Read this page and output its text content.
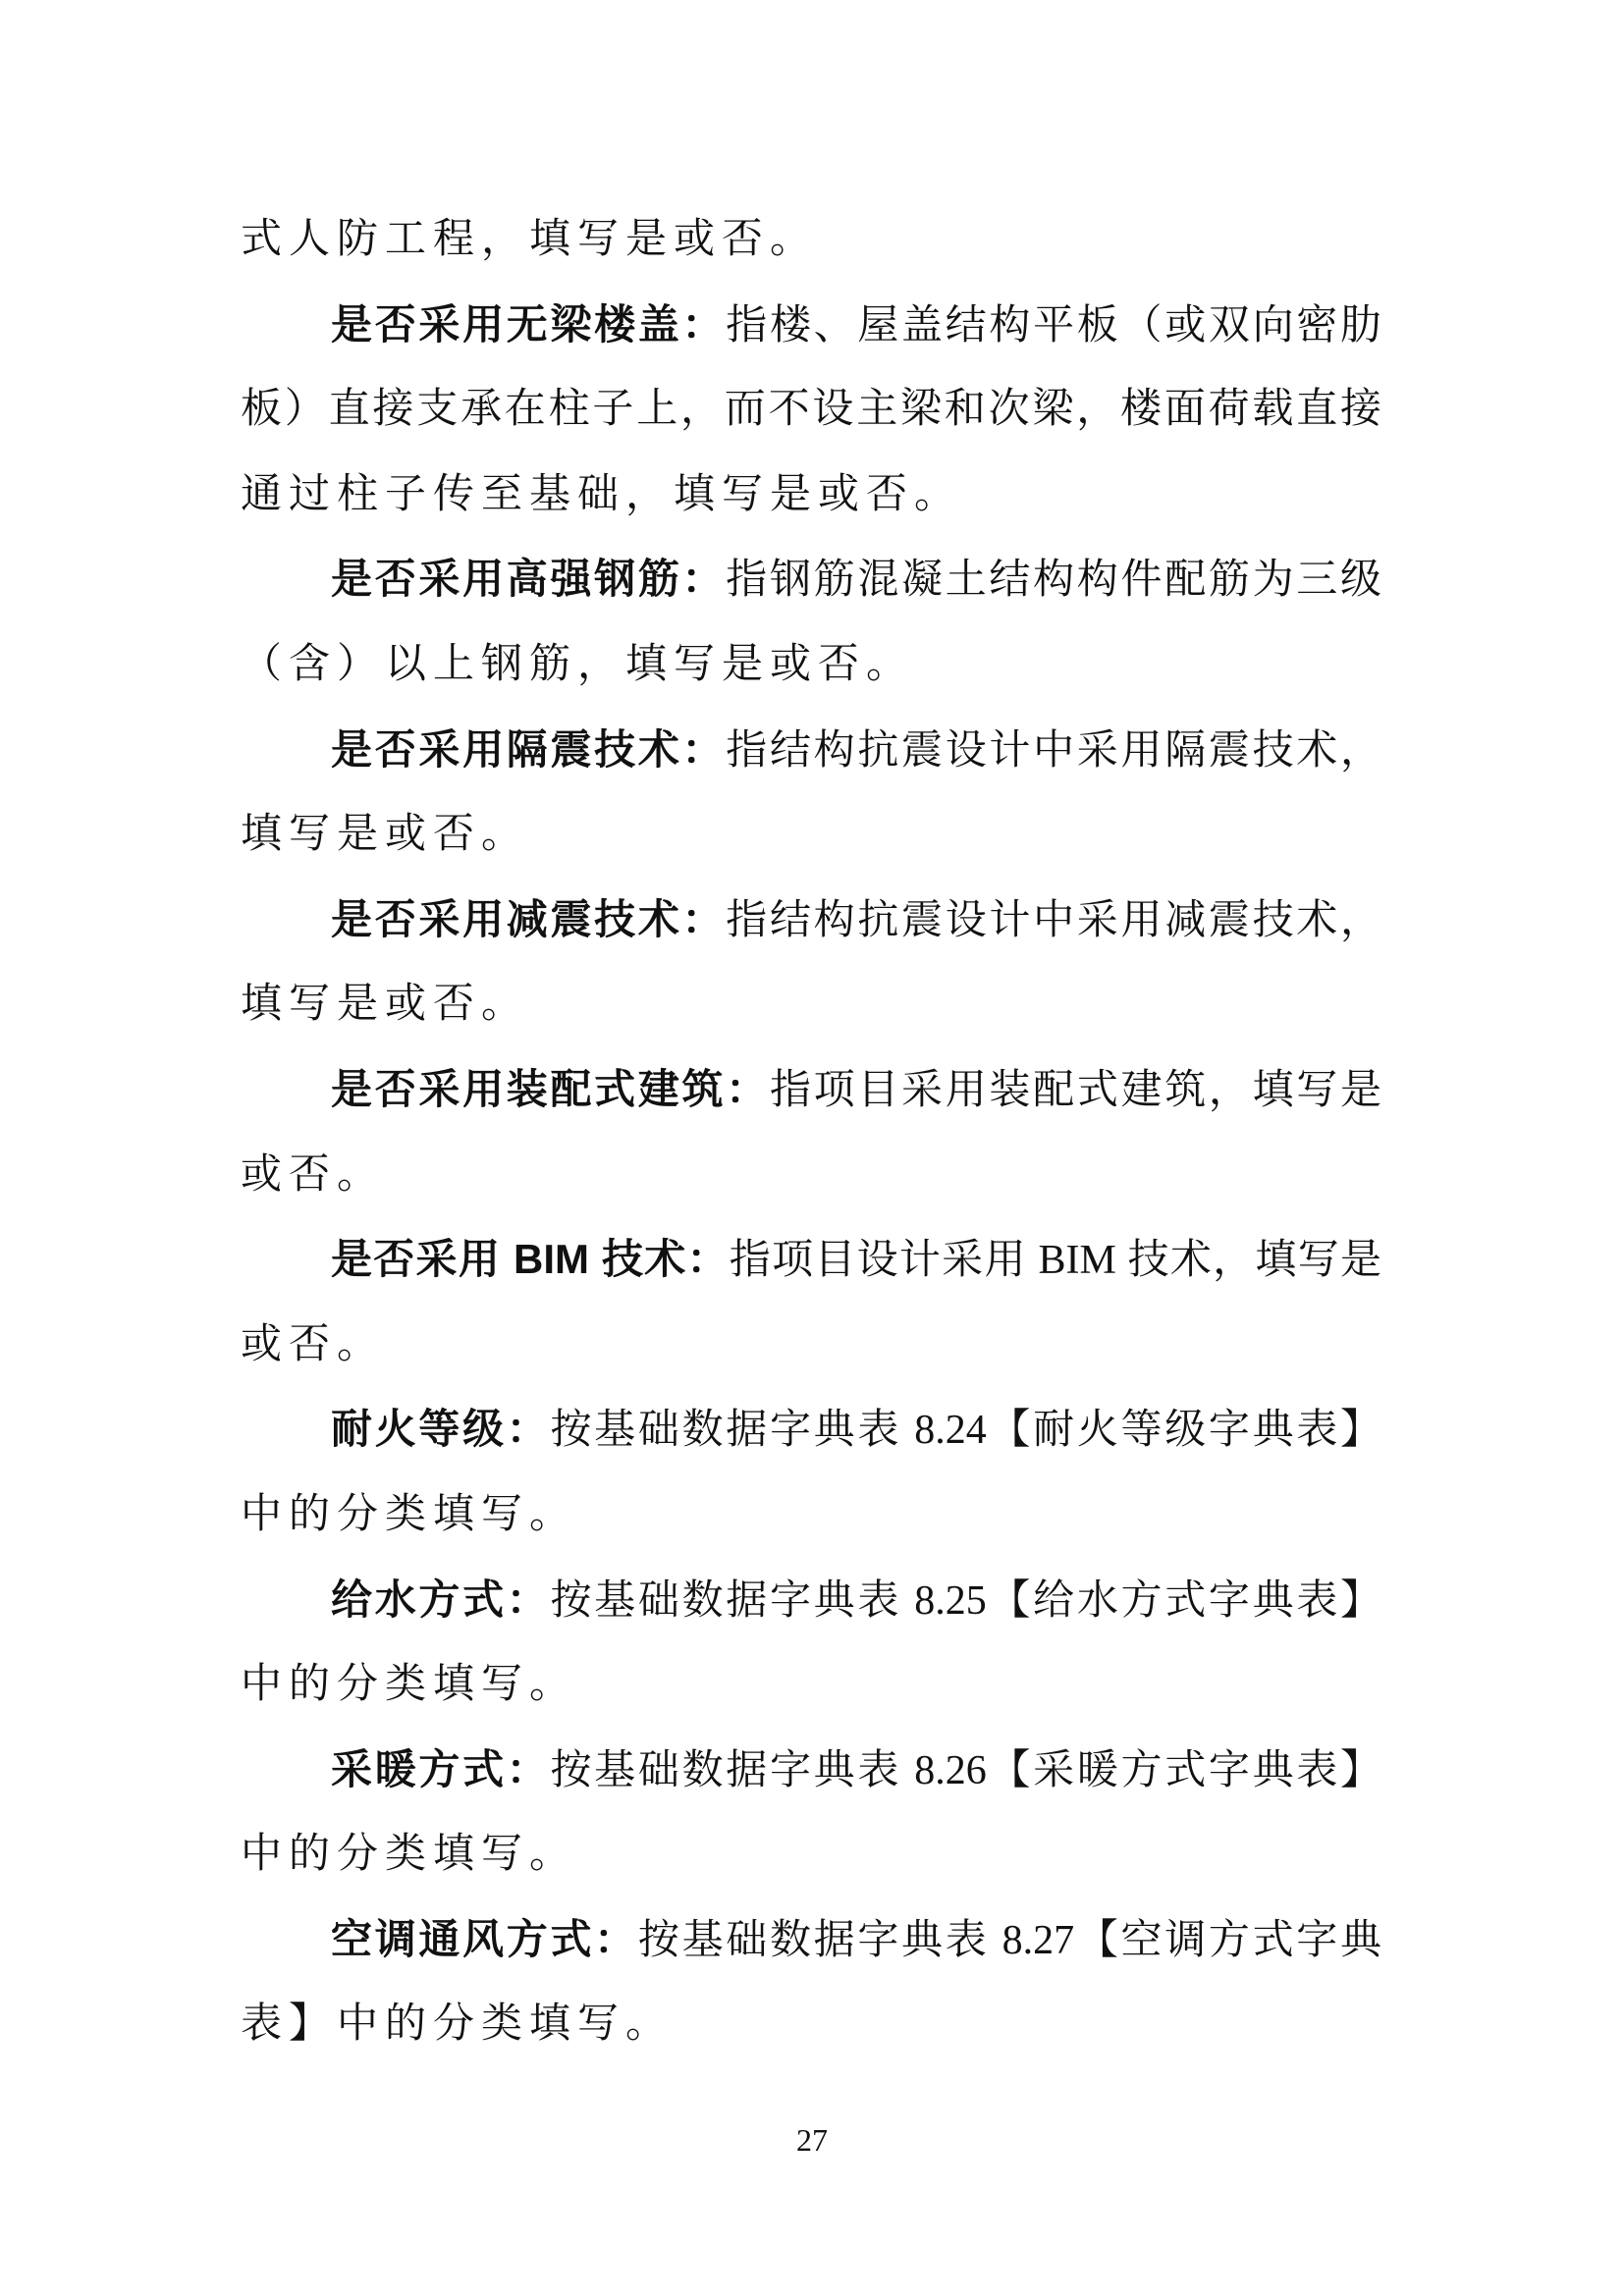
式人防工程，填写是或否。
是否采用无梁楼盖：指楼、屋盖结构平板（或双向密肋
板）直接支承在柱子上，而不设主梁和次梁，楼面荷载直接
通过柱子传至基础，填写是或否。
是否采用高强钢筋：指钢筋混凝土结构构件配筋为三级
（含）以上钢筋，填写是或否。
是否采用隔震技术：指结构抗震设计中采用隔震技术，
填写是或否。
是否采用减震技术：指结构抗震设计中采用减震技术，
填写是或否。
是否采用装配式建筑：指项目采用装配式建筑，填写是
或否。
是否采用 BIM 技术：指项目设计采用 BIM 技术，填写是
或否。
耐火等级：按基础数据字典表 8.24【耐火等级字典表】
中的分类填写。
给水方式：按基础数据字典表 8.25【给水方式字典表】
中的分类填写。
采暖方式：按基础数据字典表 8.26【采暖方式字典表】
中的分类填写。
空调通风方式：按基础数据字典表 8.27【空调方式字典
表】中的分类填写。
27
